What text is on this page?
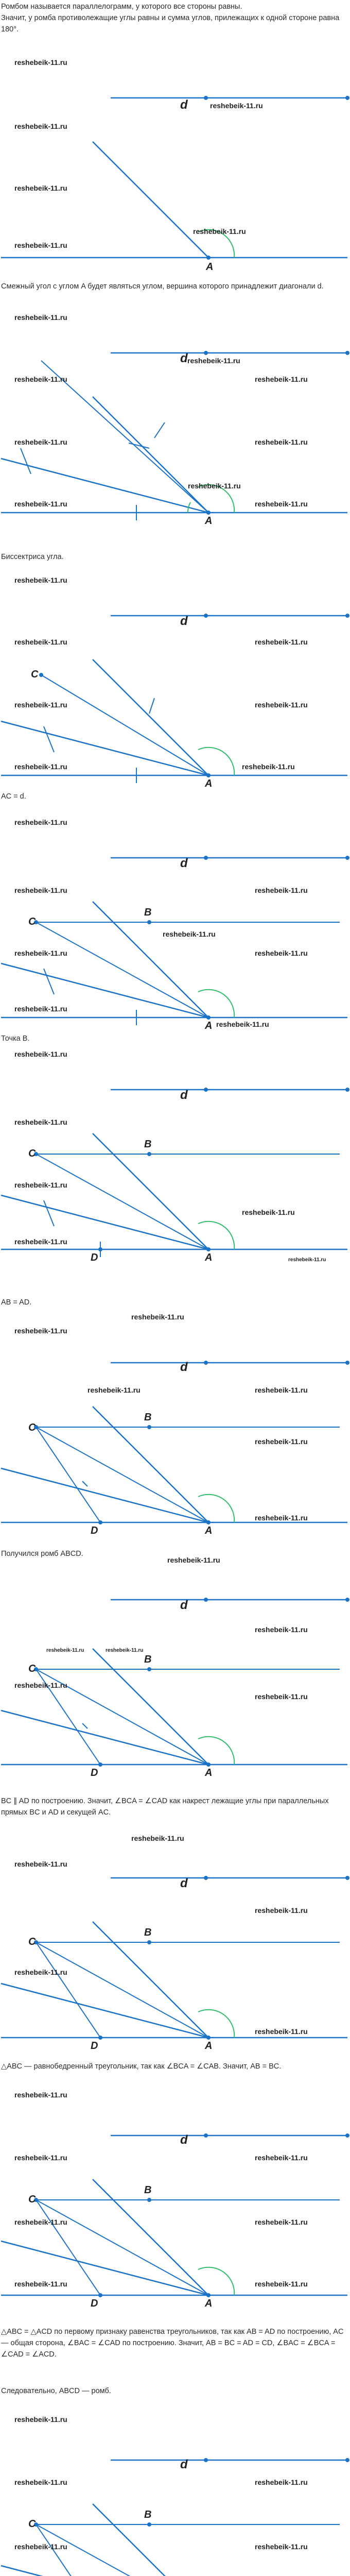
Ромбом называется параллелограмм, у которого все стороны равны.
Значит, у ромба противолежащие углы равны и сумма углов, прилежащих к одной стороне равна 180°.
reshebeik-11.ru
reshebeik-11.ru
reshebeik-11.ru
reshebeik-11.ru
d	reshebeik-11.ru
reshebeik-11.ru
A
Смежный угол с углом A будет являться углом, вершина которого принадлежит диагонали d.
reshebeik-11.ru
reshebeik-11.ru
reshebeik-11.ru
reshebeik-11.ru
d reshebeik-11.ru
reshebeik-11.ru
reshebeik-11.ru
reshebeik-11.ru
reshebeik-11.ru
A
Биссектриса угла.
reshebeik-11.ru
reshebeik-11.ru
reshebeik-11.ru
reshebeik-11.ru
d
C
reshebeik-11.ru
reshebeik-11.ru
reshebeik-11.ru
A
AC = d.
reshebeik-11.ru
reshebeik-11.ru
reshebeik-11.ru
reshebeik-11.ru
d
C
B
reshebeik-11.ru
reshebeik-11.ru
reshebeik-11.ru
reshebeik-11.ru
A
Точка B.
reshebeik-11.ru
reshebeik-11.ru
reshebeik-11.ru
reshebeik-11.ru
d
C
B
D
reshebeik-11.ru
reshebeik-11.ru
A
AB = AD.
reshebeik-11.ru
reshebeik-11.ru
reshebeik-11.ru
d
reshebeik-11.ru
reshebeik-11.ru
C
B
D
reshebeik-11.ru
A
Получился ромб ABCD.
reshebeik-11.ru
reshebeik-11.ru
reshebeik-11.ru	reshebeik-11.ru
reshebeik-11.ru
d
reshebeik-11.ru
C
B
D	A
BC ∥ AD по построению. Значит, ∠BCA = ∠CAD как накрест лежащие углы при параллельных прямых BC и AD и секущей AC.
reshebeik-11.ru
reshebeik-11.ru
reshebeik-11.ru
reshebeik-11.ru
d
C
B
D
reshebeik-11.ru
A
△ABC — равнобедренный треугольник, так как ∠BCA = ∠CAB. Значит, AB = BC.
reshebeik-11.ru
reshebeik-11.ru
reshebeik-11.ru
reshebeik-11.ru
d
reshebeik-11.ru
reshebeik-11.ru
reshebeik-11.ru
C
B
D	A
△ABC = △ACD по первому признаку равенства треугольников, так как AB = AD по построению, AC — общая сторона, ∠BAC = ∠CAD по построению. Значит, AB = BC = AD = CD, ∠BAC = ∠BCA = ∠CAD = ∠ACD.
Следовательно, ABCD — ромб.
reshebeik-11.ru
reshebeik-11.ru
reshebeik-11.ru
d
reshebeik-11.ru
reshebeik-11.ru
C
B
